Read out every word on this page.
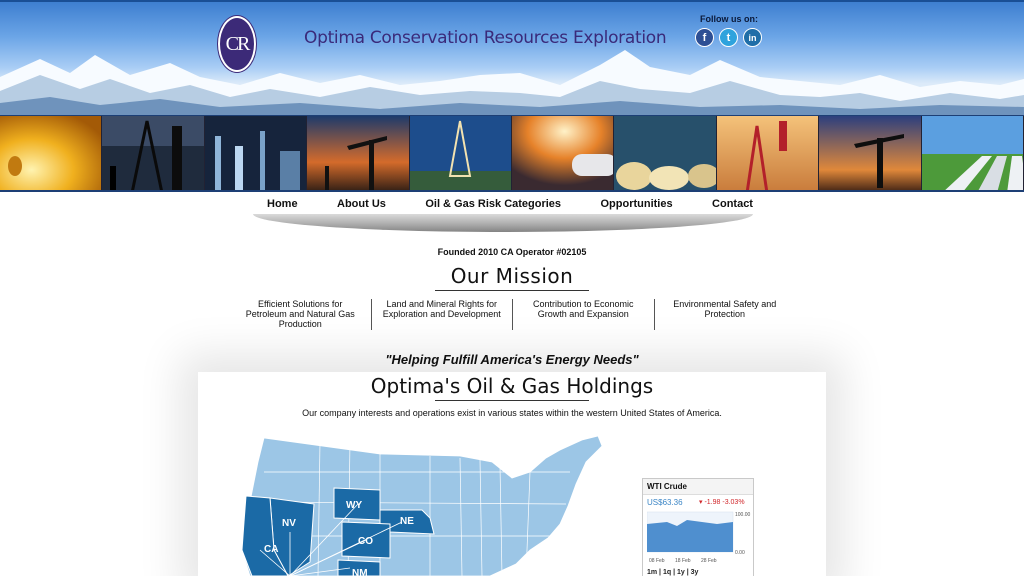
CR	Optima Conservation Resources Exploration
Follow us on:
f	t	in
Home	About Us	Oil & Gas Risk Categories	Opportunities	Contact
Founded 2010 CA Operator #02105
Our Mission
Efficient Solutions for Petroleum and Natural Gas Production
Land and Mineral Rights for Exploration and Development
Contribution to Economic Growth and Expansion
Environmental Safety and Protection
"Helping Fulfill America's Energy Needs"
Optima's Oil & Gas Holdings
Our company interests and operations exist in various states within the western United States of America.
NV
WY
NE
CA
CO
NM
WTI Crude
US$63.36 ▾ -1.98 -3.03%
100.00
0.00
08 Feb 18 Feb 28 Feb
1m | 1q | 1y | 3y
